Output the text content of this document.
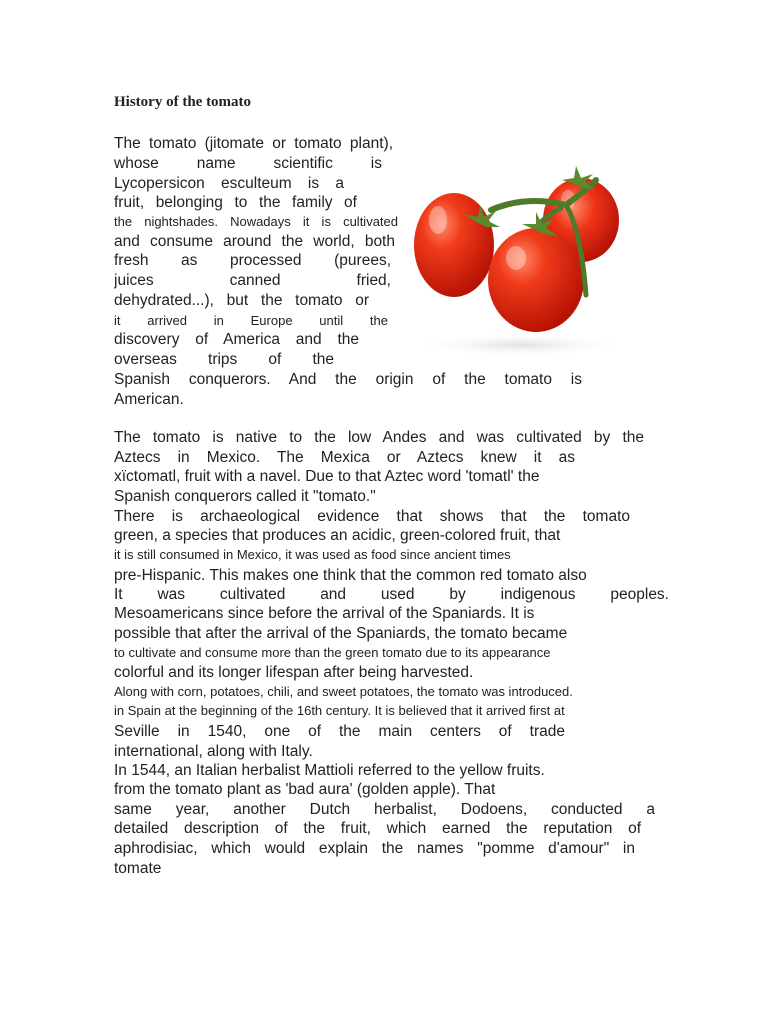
History of the tomato
The tomato (jitomate or tomato plant),
whose name scientific is
Lycopersicon esculteum is a
fruit, belonging to the family of
the nightshades. Nowadays it is cultivated
and consume around the world, both
fresh as processed (purees,
juices canned fried,
dehydrated...), but the tomato or
it arrived in Europe until the
discovery of America and the
overseas trips of the
Spanish conquerors. And the origin of the tomato is
American.
The tomato is native to the low Andes and was cultivated by the
Aztecs in Mexico. The Mexica or Aztecs knew it as
xïctomatl, fruit with a navel. Due to that Aztec word 'tomatl' the
Spanish conquerors called it "tomato."
There is archaeological evidence that shows that the tomato
green, a species that produces an acidic, green-colored fruit, that
it is still consumed in Mexico, it was used as food since ancient times
pre-Hispanic. This makes one think that the common red tomato also
It was cultivated and used by indigenous peoples.
Mesoamericans since before the arrival of the Spaniards. It is
possible that after the arrival of the Spaniards, the tomato became
to cultivate and consume more than the green tomato due to its appearance
colorful and its longer lifespan after being harvested.
Along with corn, potatoes, chili, and sweet potatoes, the tomato was introduced.
in Spain at the beginning of the 16th century. It is believed that it arrived first at
Seville in 1540, one of the main centers of trade
international, along with Italy.
In 1544, an Italian herbalist Mattioli referred to the yellow fruits.
from the tomato plant as 'bad aura' (golden apple). That
same year, another Dutch herbalist, Dodoens, conducted a
detailed description of the fruit, which earned the reputation of
aphrodisiac, which would explain the names "pomme d'amour" in
tomate
